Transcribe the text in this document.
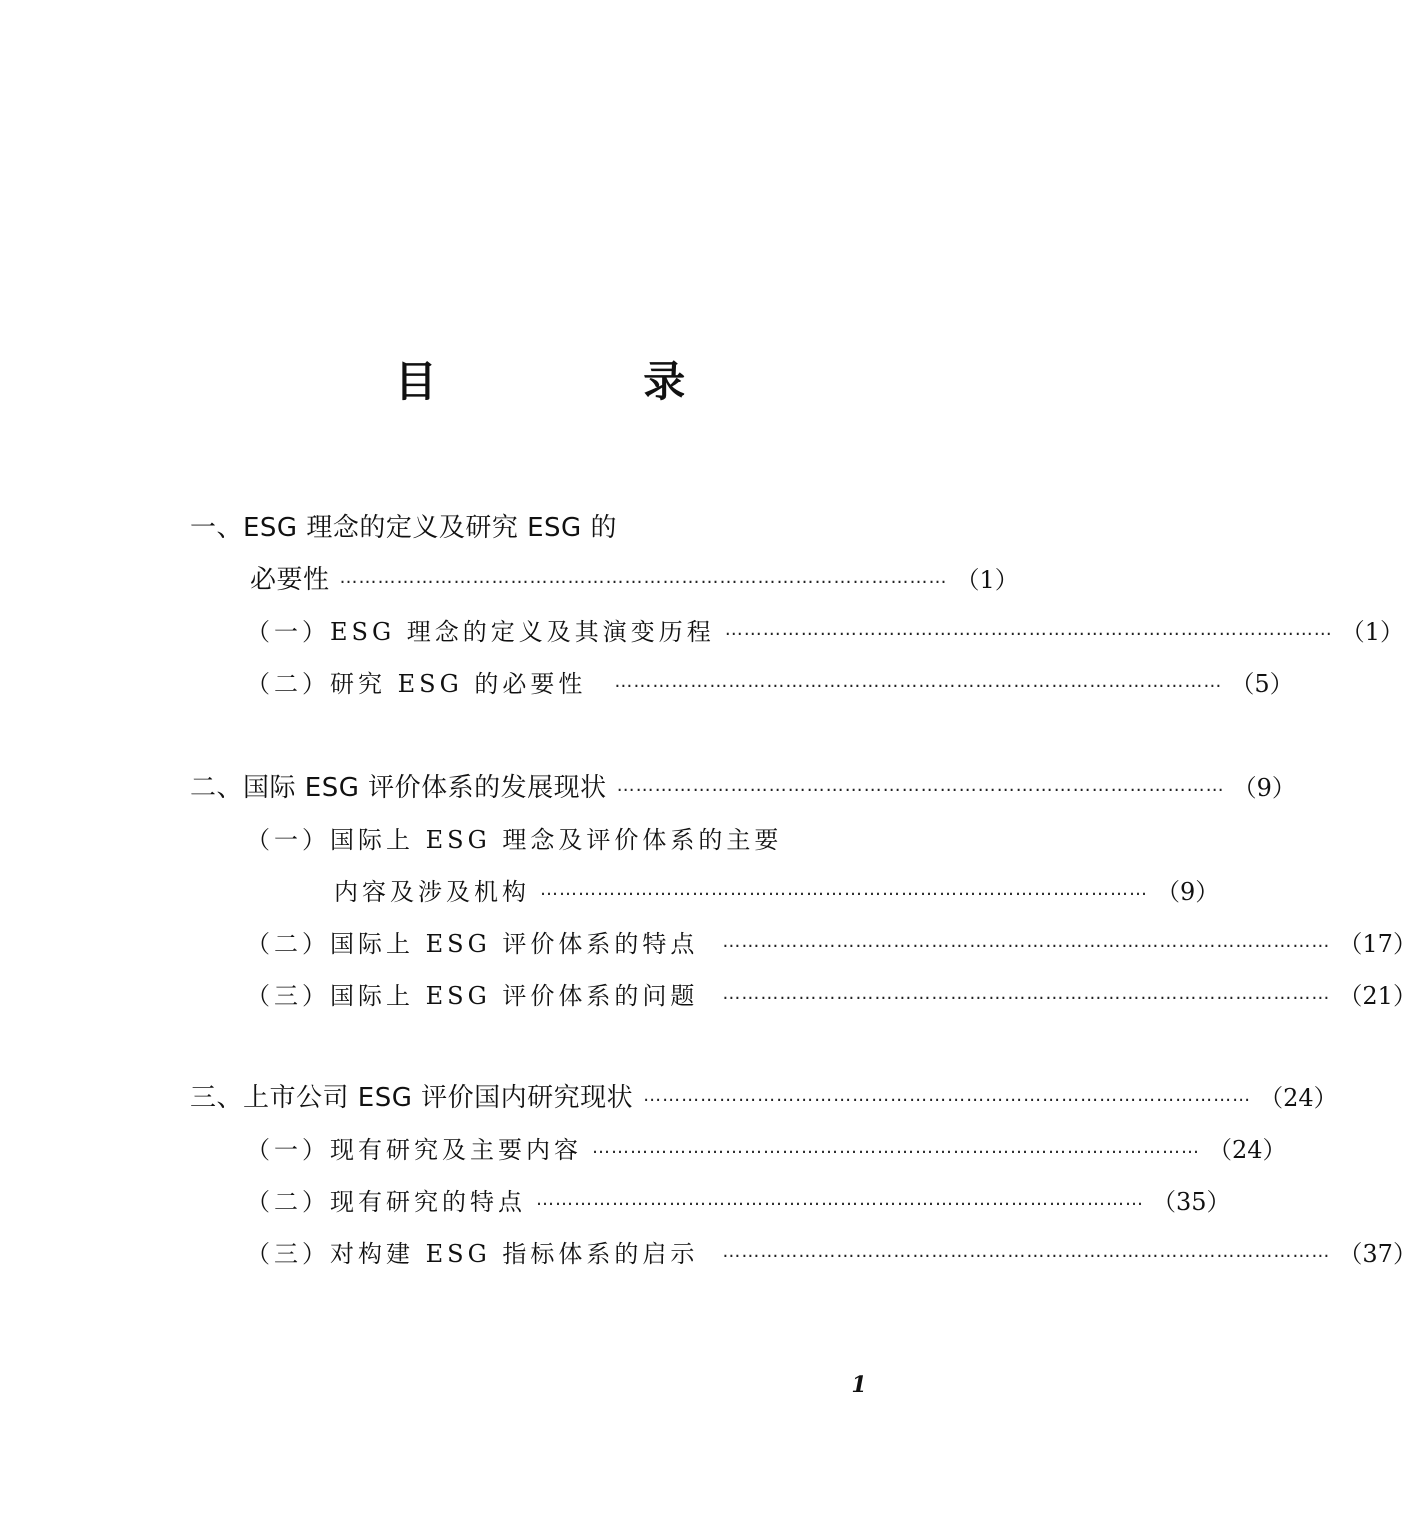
目 录
一、ESG 理念的定义及研究 ESG 的
必要性 …………………………………………………………………………………… （ 1 ）
（一）ESG 理念的定义及其演变历程 …………………………………………………………………………………… （ 1 ）
（二）研究 ESG 的必要性 …………………………………………………………………………………… （ 5 ）
二、国际 ESG 评价体系的发展现状 …………………………………………………………………………………… （ 9 ）
（一）国际上 ESG 理念及评价体系的主要
内容及涉及机构 …………………………………………………………………………………… （ 9 ）
（二）国际上 ESG 评价体系的特点 …………………………………………………………………………………… （ 17 ）
（三）国际上 ESG 评价体系的问题 …………………………………………………………………………………… （ 21 ）
三、上市公司 ESG 评价国内研究现状 …………………………………………………………………………………… （ 24 ）
（一）现有研究及主要内容 …………………………………………………………………………………… （ 24 ）
（二）现有研究的特点 …………………………………………………………………………………… （ 35 ）
（三）对构建 ESG 指标体系的启示 …………………………………………………………………………………… （ 37 ）
1
